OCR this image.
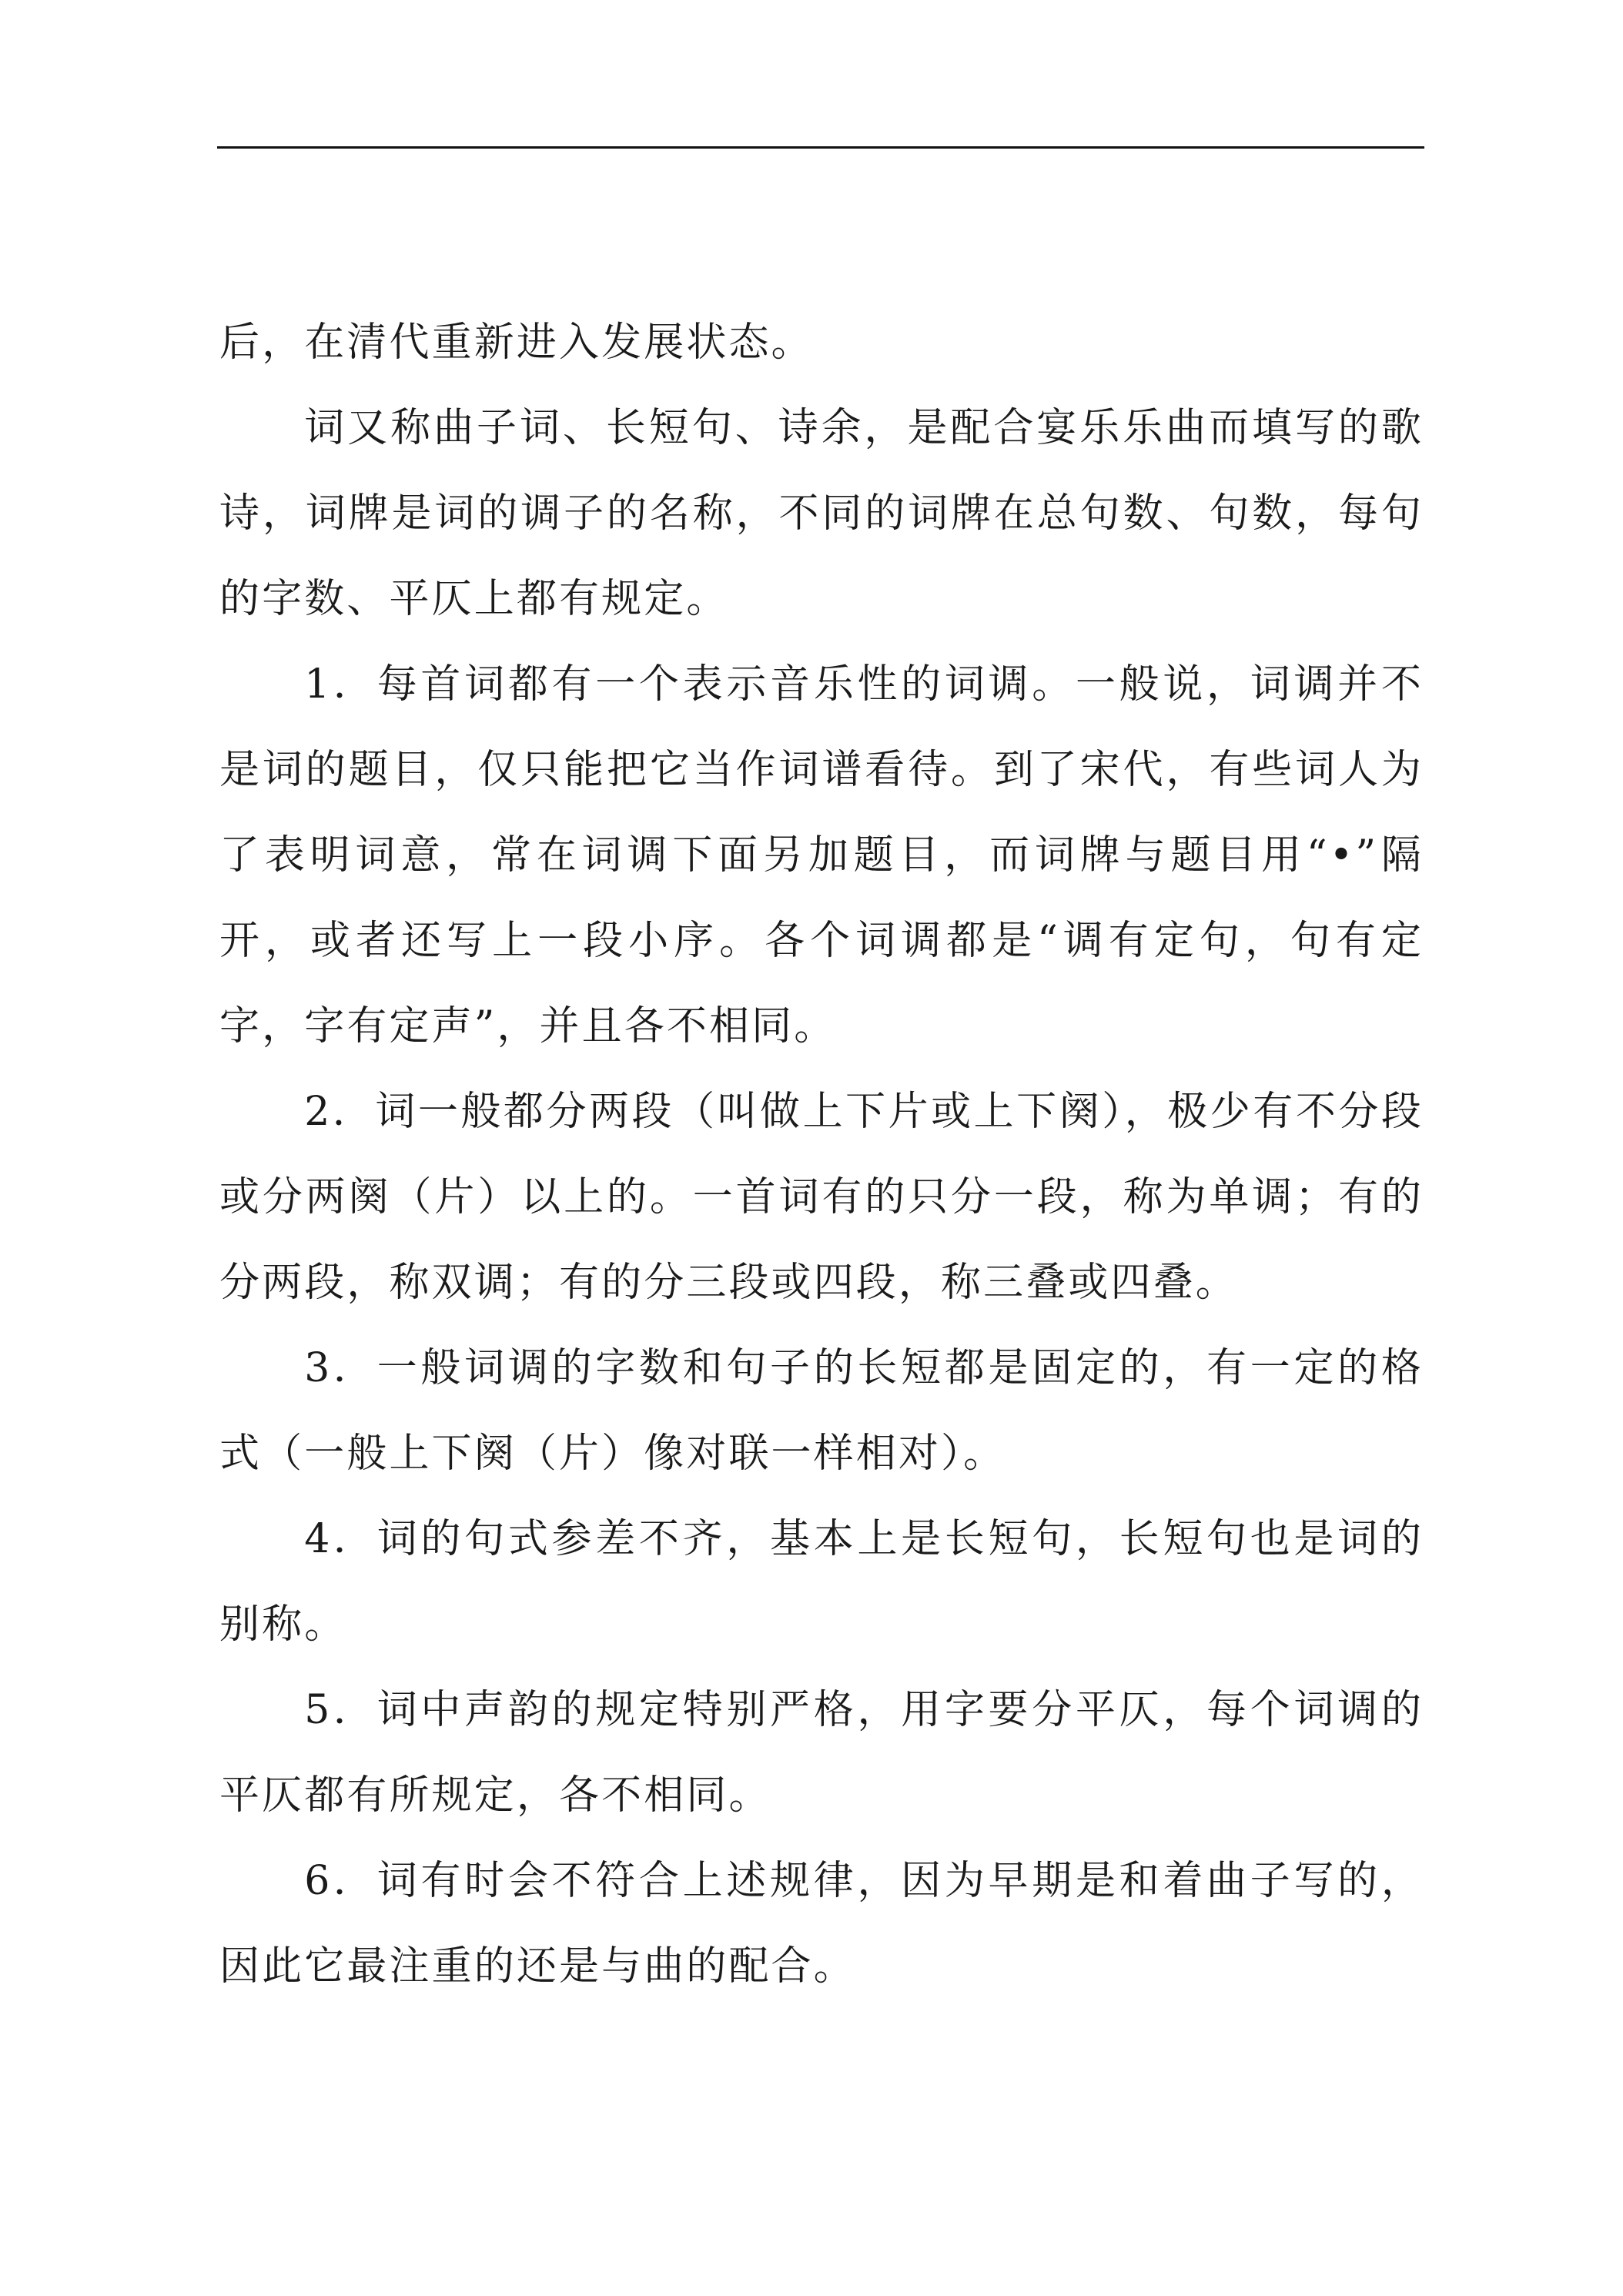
后，在清代重新进入发展状态。

词又称曲子词、长短句、诗余，是配合宴乐乐曲而填写的歌诗，词牌是词的调子的名称，不同的词牌在总句数、句数，每句的字数、平仄上都有规定。

1．每首词都有一个表示音乐性的词调。一般说，词调并不是词的题目，仅只能把它当作词谱看待。到了宋代，有些词人为了表明词意，常在词调下面另加题目，而词牌与题目用“•”隔开，或者还写上一段小序。各个词调都是“调有定句，句有定字，字有定声”，并且各不相同。

2．词一般都分两段（叫做上下片或上下阕），极少有不分段或分两阕（片）以上的。一首词有的只分一段，称为单调；有的分两段，称双调；有的分三段或四段，称三叠或四叠。

3．一般词调的字数和句子的长短都是固定的，有一定的格式（一般上下阕（片）像对联一样相对）。

4．词的句式参差不齐，基本上是长短句，长短句也是词的别称。

5．词中声韵的规定特别严格，用字要分平仄，每个词调的平仄都有所规定，各不相同。

6．词有时会不符合上述规律，因为早期是和着曲子写的，因此它最注重的还是与曲的配合。
